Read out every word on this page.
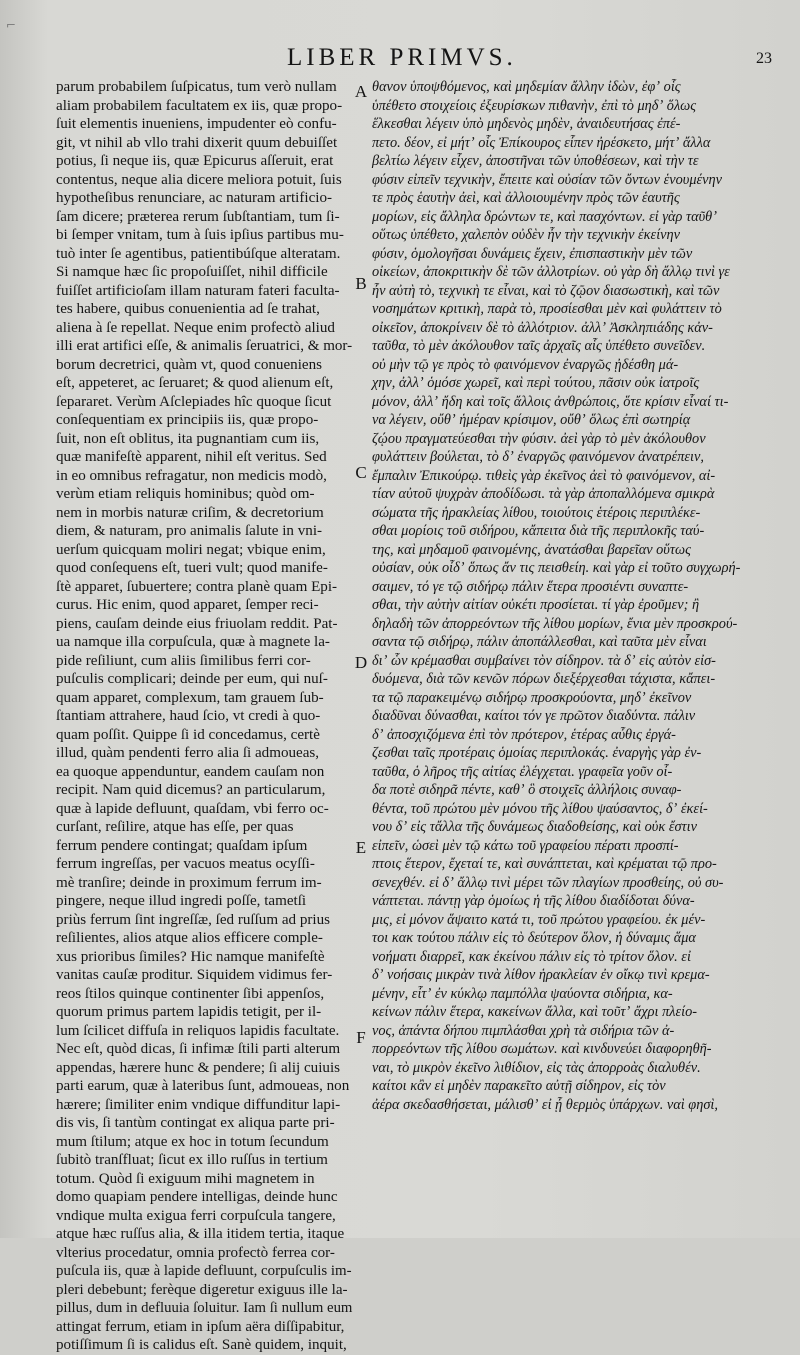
⌐
LIBER PRIMVS.	23
parum probabilem ſuſpicatus, tum verò nullam
aliam probabilem facultatem ex iis, quæ propo-
ſuit elementis inueniens, impudenter eò confu-
git, vt nihil ab vllo trahi dixerit quum debuiſſet
potius, ſi neque iis, quæ Epicurus aſſeruit, erat
contentus, neque alia dicere meliora potuit, ſuis
hypotheſibus renunciare, ac naturam artificio-
ſam dicere; præterea rerum ſubſtantiam, tum ſi-
bi ſemper vnitam, tum à ſuis ipſius partibus mu-
tuò inter ſe agentibus, patientibúſque alteratam.
Si namque hæc ſic propoſuiſſet, nihil difficile
fuiſſet artificioſam illam naturam fateri faculta-
tes habere, quibus conuenientia ad ſe trahat,
aliena à ſe repellat. Neque enim profectò aliud
illi erat artifici eſſe, & animalis ſeruatrici, & mor-
borum decretrici, quàm vt, quod conueniens
eſt, appeteret, ac ſeruaret; & quod alienum eſt,
ſepararet. Verùm Aſclepiades hîc quoque ſicut
conſequentiam ex principiis iis, quæ propo-
ſuit, non eſt oblitus, ita pugnantiam cum iis,
quæ manifeſtè apparent, nihil eſt veritus. Sed
in eo omnibus refragatur, non medicis modò,
verùm etiam reliquis hominibus; quòd om-
nem in morbis naturæ criſim, & decretorium
diem, & naturam, pro animalis ſalute in vni-
uerſum quicquam moliri negat; vbique enim,
quod conſequens eſt, tueri vult; quod manife-
ſtè apparet, ſubuertere; contra planè quam Epi-
curus. Hic enim, quod apparet, ſemper reci-
piens, cauſam deinde eius friuolam reddit. Pat-
ua namque illa corpuſcula, quæ à magnete la-
pide reſiliunt, cum aliis ſimilibus ferri cor-
puſculis complicari; deinde per eum, qui nuſ-
quam apparet, complexum, tam grauem ſub-
ſtantiam attrahere, haud ſcio, vt credi à quo-
quam poſſit. Quippe ſi id concedamus, certè
illud, quàm pendenti ferro alia ſi admoueas,
ea quoque appenduntur, eandem cauſam non
recipit. Nam quid dicemus? an particularum,
quæ à lapide defluunt, quaſdam, vbi ferro oc-
curſant, reſilire, atque has eſſe, per quas
ferrum pendere contingat; quaſdam ipſum
ferrum ingreſſas, per vacuos meatus ocyſſi-
mè tranſire; deinde in proximum ferrum im-
pingere, neque illud ingredi poſſe, tametſi
priùs ferrum ſint ingreſſæ, ſed ruſſum ad prius
reſilientes, alios atque alios efficere comple-
xus prioribus ſimiles? Hic namque manifeſtè
vanitas cauſæ proditur. Siquidem vidimus fer-
reos ſtilos quinque continenter ſibi appenſos,
quorum primus partem lapidis tetigit, per il-
lum ſcilicet diffuſa in reliquos lapidis facultate.
Nec eſt, quòd dicas, ſi infimæ ſtili parti alterum
appendas, hærere hunc & pendere; ſi alij cuiuis
parti earum, quæ à lateribus ſunt, admoueas, non
hærere; ſimiliter enim vndique diffunditur lapi-
dis vis, ſi tantùm contingat ex aliqua parte pri-
mum ſtilum; atque ex hoc in totum ſecundum
ſubitò tranſfluat; ſicut ex illo ruſſus in tertium
totum. Quòd ſi exiguum mihi magnetem in
domo quapiam pendere intelligas, deinde hunc
vndique multa exigua ferri corpuſcula tangere,
atque hæc ruſſus alia, & illa itidem tertia, itaque
vlterius procedatur, omnia profectò ferrea cor-
puſcula iis, quæ à lapide defluunt, corpuſculis im-
pleri debebunt; ferèque digeretur exiguus ille la-
pillus, dum in defluuia ſoluitur. Iam ſi nullum eum
attingat ferrum, etiam in ipſum aëra diſſipabitur,
potiſſimum ſi is calidus eſt. Sanè quidem, inquit,
θανον ὑποψθόμενος, καὶ μηδεμίαν ἄλλην ἰδὼν, ἐφʼ οἷς
ὑπέθετο στοιχείοις ἐξευρίσκων πιθανὴν, ἐπὶ τὸ μηδʼ ὅλως
ἕλκεσθαι λέγειν ὑπὸ μηδενὸς μηδὲν, ἀναιδευτήσας ἐπέ-
πετο. δέον, εἰ μήτʼ οἷς Ἐπίκουρος εἶπεν ἠρέσκετο, μήτʼ ἄλλα
βελτίω λέγειν εἶχεν, ἀποστῆναι τῶν ὑποθέσεων, καὶ τὴν τε
φύσιν εἰπεῖν τεχνικὴν, ἔπειτε καὶ οὐσίαν τῶν ὄντων ἑνουμένην
τε πρὸς ἑαυτὴν ἀεὶ, καὶ ἀλλοιουμένην πρὸς τῶν ἑαυτῆς
μορίων, εἰς ἄλληλα δρώντων τε, καὶ πασχόντων. εἰ γὰρ ταῦθʼ
οὕτως ὑπέθετο, χαλεπὸν οὐδὲν ἦν τὴν τεχνικὴν ἐκείνην
φύσιν, ὁμολογῆσαι δυνάμεις ἔχειν, ἐπισπαστικὴν μὲν τῶν
οἰκείων, ἀποκριτικὴν δὲ τῶν ἀλλοτρίων. οὐ γὰρ δὴ ἄλλῳ τινὶ γε
ἦν αὐτὴ τὸ, τεχνικὴ τε εἶναι, καὶ τὸ ζῷον διασωστικὴ, καὶ τῶν
νοσημάτων κριτικὴ, παρὰ τὸ, προσίεσθαι μὲν καὶ φυλάττειν τὸ
οἰκεῖον, ἀποκρίνειν δὲ τὸ ἀλλότριον. ἀλλʼ Ἀσκληπιάδης κἀν-
ταῦθα, τὸ μὲν ἀκόλουθον ταῖς ἀρχαῖς αἷς ὑπέθετο συνεῖδεν.
οὐ μὴν τῷ γε πρὸς τὸ φαινόμενον ἐναργῶς ᾐδέσθη μά-
χην, ἀλλʼ ὁμόσε χωρεῖ, καὶ περὶ τούτου, πᾶσιν οὐκ ἰατροῖς
μόνον, ἀλλʼ ἤδη καὶ τοῖς ἄλλοις ἀνθρώποις, ὅτε κρίσιν εἶναί τι-
να λέγειν, οὔθʼ ἡμέραν κρίσιμον, οὔθʼ ὅλως ἐπὶ σωτηρίᾳ
ζῴου πραγματεύεσθαι τὴν φύσιν. ἀεὶ γὰρ τὸ μὲν ἀκόλουθον
φυλάττειν βούλεται, τὸ δʼ ἐναργῶς φαινόμενον ἀνατρέπειν,
ἔμπαλιν Ἐπικούρῳ. τιθεὶς γὰρ ἐκεῖνος ἀεὶ τὸ φαινόμενον, αἰ-
τίαν αὐτοῦ ψυχρὰν ἀποδίδωσι. τὰ γὰρ ἀποπαλλόμενα σμικρὰ
σώματα τῆς ἡρακλείας λίθου, τοιούτοις ἑτέροις περιπλέκε-
σθαι μορίοις τοῦ σιδήρου, κἄπειτα διὰ τῆς περιπλοκῆς ταύ-
της, καὶ μηδαμοῦ φαινομένης, ἀνατάσθαι βαρεῖαν οὕτως
οὐσίαν, οὐκ οἶδʼ ὅπως ἄν τις πεισθείη. καὶ γὰρ εἰ τοῦτο συγχωρή-
σαιμεν, τό γε τῷ σιδήρῳ πάλιν ἕτερα προσιέντι συναπτε-
σθαι, τὴν αὐτὴν αἰτίαν οὐκέτι προσίεται. τί γὰρ ἐροῦμεν; ἢ
δηλαδὴ τῶν ἀπορρεόντων τῆς λίθου μορίων, ἔνια μὲν προσκρού-
σαντα τῷ σιδήρῳ, πάλιν ἀποπάλλεσθαι, καὶ ταῦτα μὲν εἶναι
διʼ ὧν κρέμασθαι συμβαίνει τὸν σίδηρον. τὰ δʼ εἰς αὐτὸν εἰσ-
δυόμενα, διὰ τῶν κενῶν πόρων διεξέρχεσθαι τάχιστα, κἄπει-
τα τῷ παρακειμένῳ σιδήρῳ προσκρούοντα, μηδʼ ἐκεῖνον
διαδῦναι δύνασθαι, καίτοι τόν γε πρῶτον διαδύντα. πάλιν
δʼ ἀποσχιζόμενα ἐπὶ τὸν πρότερον, ἑτέρας αὖθις ἐργά-
ζεσθαι ταῖς προτέραις ὁμοίας περιπλοκάς. ἐναργὴς γὰρ ἐν-
ταῦθα, ὁ λῆρος τῆς αἰτίας ἐλέγχεται. γραφεῖα γοῦν οἶ-
δα ποτὲ σιδηρᾶ πέντε, καθʼ ὃ στοιχεῖς ἀλλήλοις συναφ-
θέντα, τοῦ πρώτου μὲν μόνου τῆς λίθου ψαύσαντος, δʼ ἐκεί-
νου δʼ εἰς τἄλλα τῆς δυνάμεως διαδοθείσης, καὶ οὐκ ἔστιν
εἰπεῖν, ὡσεὶ μὲν τῷ κάτω τοῦ γραφείου πέρατι προσπί-
πτοις ἕτερον, ἔχεταί τε, καὶ συνάπτεται, καὶ κρέμαται τῷ προ-
σενεχθέν. εἰ δʼ ἄλλῳ τινὶ μέρει τῶν πλαγίων προσθείης, οὐ συ-
νάπτεται. πάντῃ γὰρ ὁμοίως ἡ τῆς λίθου διαδίδοται δύνα-
μις, εἰ μόνον ἅψαιτο κατά τι, τοῦ πρώτου γραφείου. ἐκ μέν-
τοι κακ τούτου πάλιν εἰς τὸ δεύτερον ὅλον, ἡ δύναμις ἅμα
νοήματι διαρρεῖ, κακ ἐκείνου πάλιν εἰς τὸ τρίτον ὅλον. εἰ
δʼ νοήσαις μικρὰν τινὰ λίθον ἡρακλείαν ἐν οἴκῳ τινὶ κρεμα-
μένην, εἶτʼ ἐν κύκλῳ παμπόλλα ψαύοντα σιδήρια, κα-
κείνων πάλιν ἕτερα, κακείνων ἄλλα, καὶ τοῦτʼ ἄχρι πλείο-
νος, ἀπάντα δήπου πιμπλάσθαι χρὴ τὰ σιδήρια τῶν ἀ-
πορρεόντων τῆς λίθου σωμάτων. καὶ κινδυνεύει διαφορηθῆ-
ναι, τὸ μικρὸν ἐκεῖνο λιθίδιον, εἰς τὰς ἀπορροὰς διαλυθέν.
καίτοι κἂν εἰ μηδὲν παρακεῖτο αὐτῇ σίδηρον, εἰς τὸν
ἀέρα σκεδασθήσεται, μάλισθʼ εἰ ᾖ θερμὸς ὑπάρχων. ναὶ φησὶ,
A
B
C
D
E
F
